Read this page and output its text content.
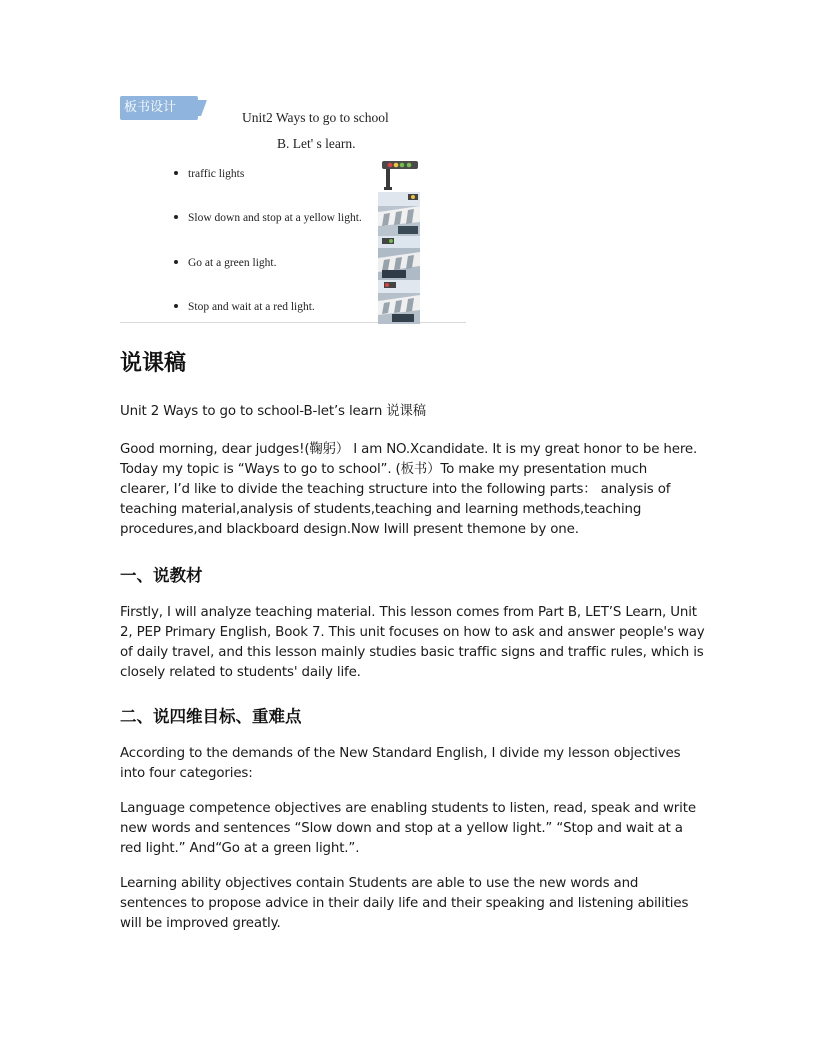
板书设计
Unit2 Ways to go to school
B. Let' s learn.
traffic lights
Slow down and stop at a yellow light.
Go at a green light.
Stop and wait at a red light.
说课稿
Unit 2 Ways to go to school-B-let’s learn 说课稿
Good morning, dear judges!(鞠躬） I am NO.Xcandidate. It is my great honor to be here.
Today my topic is “Ways to go to school”. (板书）To make my presentation much
clearer, I’d like to divide the teaching structure into the following parts： analysis of
teaching material,analysis of students,teaching and learning methods,teaching
procedures,and blackboard design.Now Iwill present themone by one.
一、说教材
Firstly, I will analyze teaching material. This lesson comes from Part B, LET’S Learn, Unit
2, PEP Primary English, Book 7. This unit focuses on how to ask and answer people's way
of daily travel, and this lesson mainly studies basic traffic signs and traffic rules, which is
closely related to students' daily life.
二、说四维目标、重难点
According to the demands of the New Standard English, I divide my lesson objectives
into four categories:
Language competence objectives are enabling students to listen, read, speak and write
new words and sentences “Slow down and stop at a yellow light.” “Stop and wait at a
red light.” And“Go at a green light.”.
Learning ability objectives contain Students are able to use the new words and
sentences to propose advice in their daily life and their speaking and listening abilities
will be improved greatly.
